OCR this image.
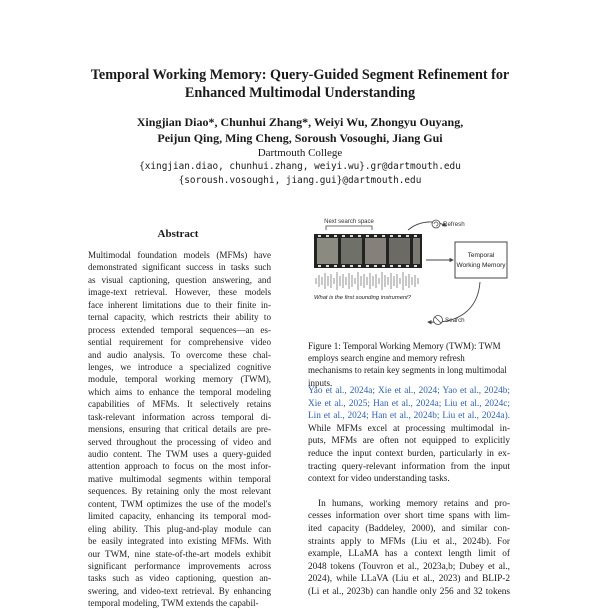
Temporal Working Memory: Query-Guided Segment Refinement for
Enhanced Multimodal Understanding
Xingjian Diao*, Chunhui Zhang*, Weiyi Wu, Zhongyu Ouyang,
Peijun Qing, Ming Cheng, Soroush Vosoughi, Jiang Gui
Dartmouth College
{xingjian.diao, chunhui.zhang, weiyi.wu}.gr@dartmouth.edu
{soroush.vosoughi, jiang.gui}@dartmouth.edu
Abstract
Multimodal foundation models (MFMs) have
demonstrated significant success in tasks such
as visual captioning, question answering, and
image-text retrieval. However, these models
face inherent limitations due to their finite in-
ternal capacity, which restricts their ability to
process extended temporal sequences—an es-
sential requirement for comprehensive video
and audio analysis. To overcome these chal-
lenges, we introduce a specialized cognitive
module, temporal working memory (TWM),
which aims to enhance the temporal modeling
capabilities of MFMs. It selectively retains
task-relevant information across temporal di-
mensions, ensuring that critical details are pre-
served throughout the processing of video and
audio content. The TWM uses a query-guided
attention approach to focus on the most infor-
mative multimodal segments within temporal
sequences. By retaining only the most relevant
content, TWM optimizes the use of the model's
limited capacity, enhancing its temporal mod-
eling ability. This plug-and-play module can
be easily integrated into existing MFMs. With
our TWM, nine state-of-the-art models exhibit
significant performance improvements across
tasks such as video captioning, question an-
swering, and video-text retrieval. By enhancing
temporal modeling, TWM extends the capabil-
Next search space	Refresh
What is the first sounding instrument?
Temporal
Working Memory
Search
Figure 1: Temporal Working Memory (TWM): TWM employs search engine and memory refresh mechanisms to retain key segments in long multimodal inputs.
Yao et al., 2024a; Xie et al., 2024; Yao et al., 2024b;
Xie et al., 2025; Han et al., 2024a; Liu et al., 2024c;
Lin et al., 2024; Han et al., 2024b; Liu et al., 2024a).
While MFMs excel at processing multimodal in-
puts, MFMs are often not equipped to explicitly
reduce the input context burden, particularly in ex-
tracting query-relevant information from the input
context for video understanding tasks.
In humans, working memory retains and pro-
cesses information over short time spans with lim-
ited capacity (Baddeley, 2000), and similar con-
straints apply to MFMs (Liu et al., 2024b). For
example, LLaMA has a context length limit of
2048 tokens (Touvron et al., 2023a,b; Dubey et al.,
2024), while LLaVA (Liu et al., 2023) and BLIP-2
(Li et al., 2023b) can handle only 256 and 32 tokens
